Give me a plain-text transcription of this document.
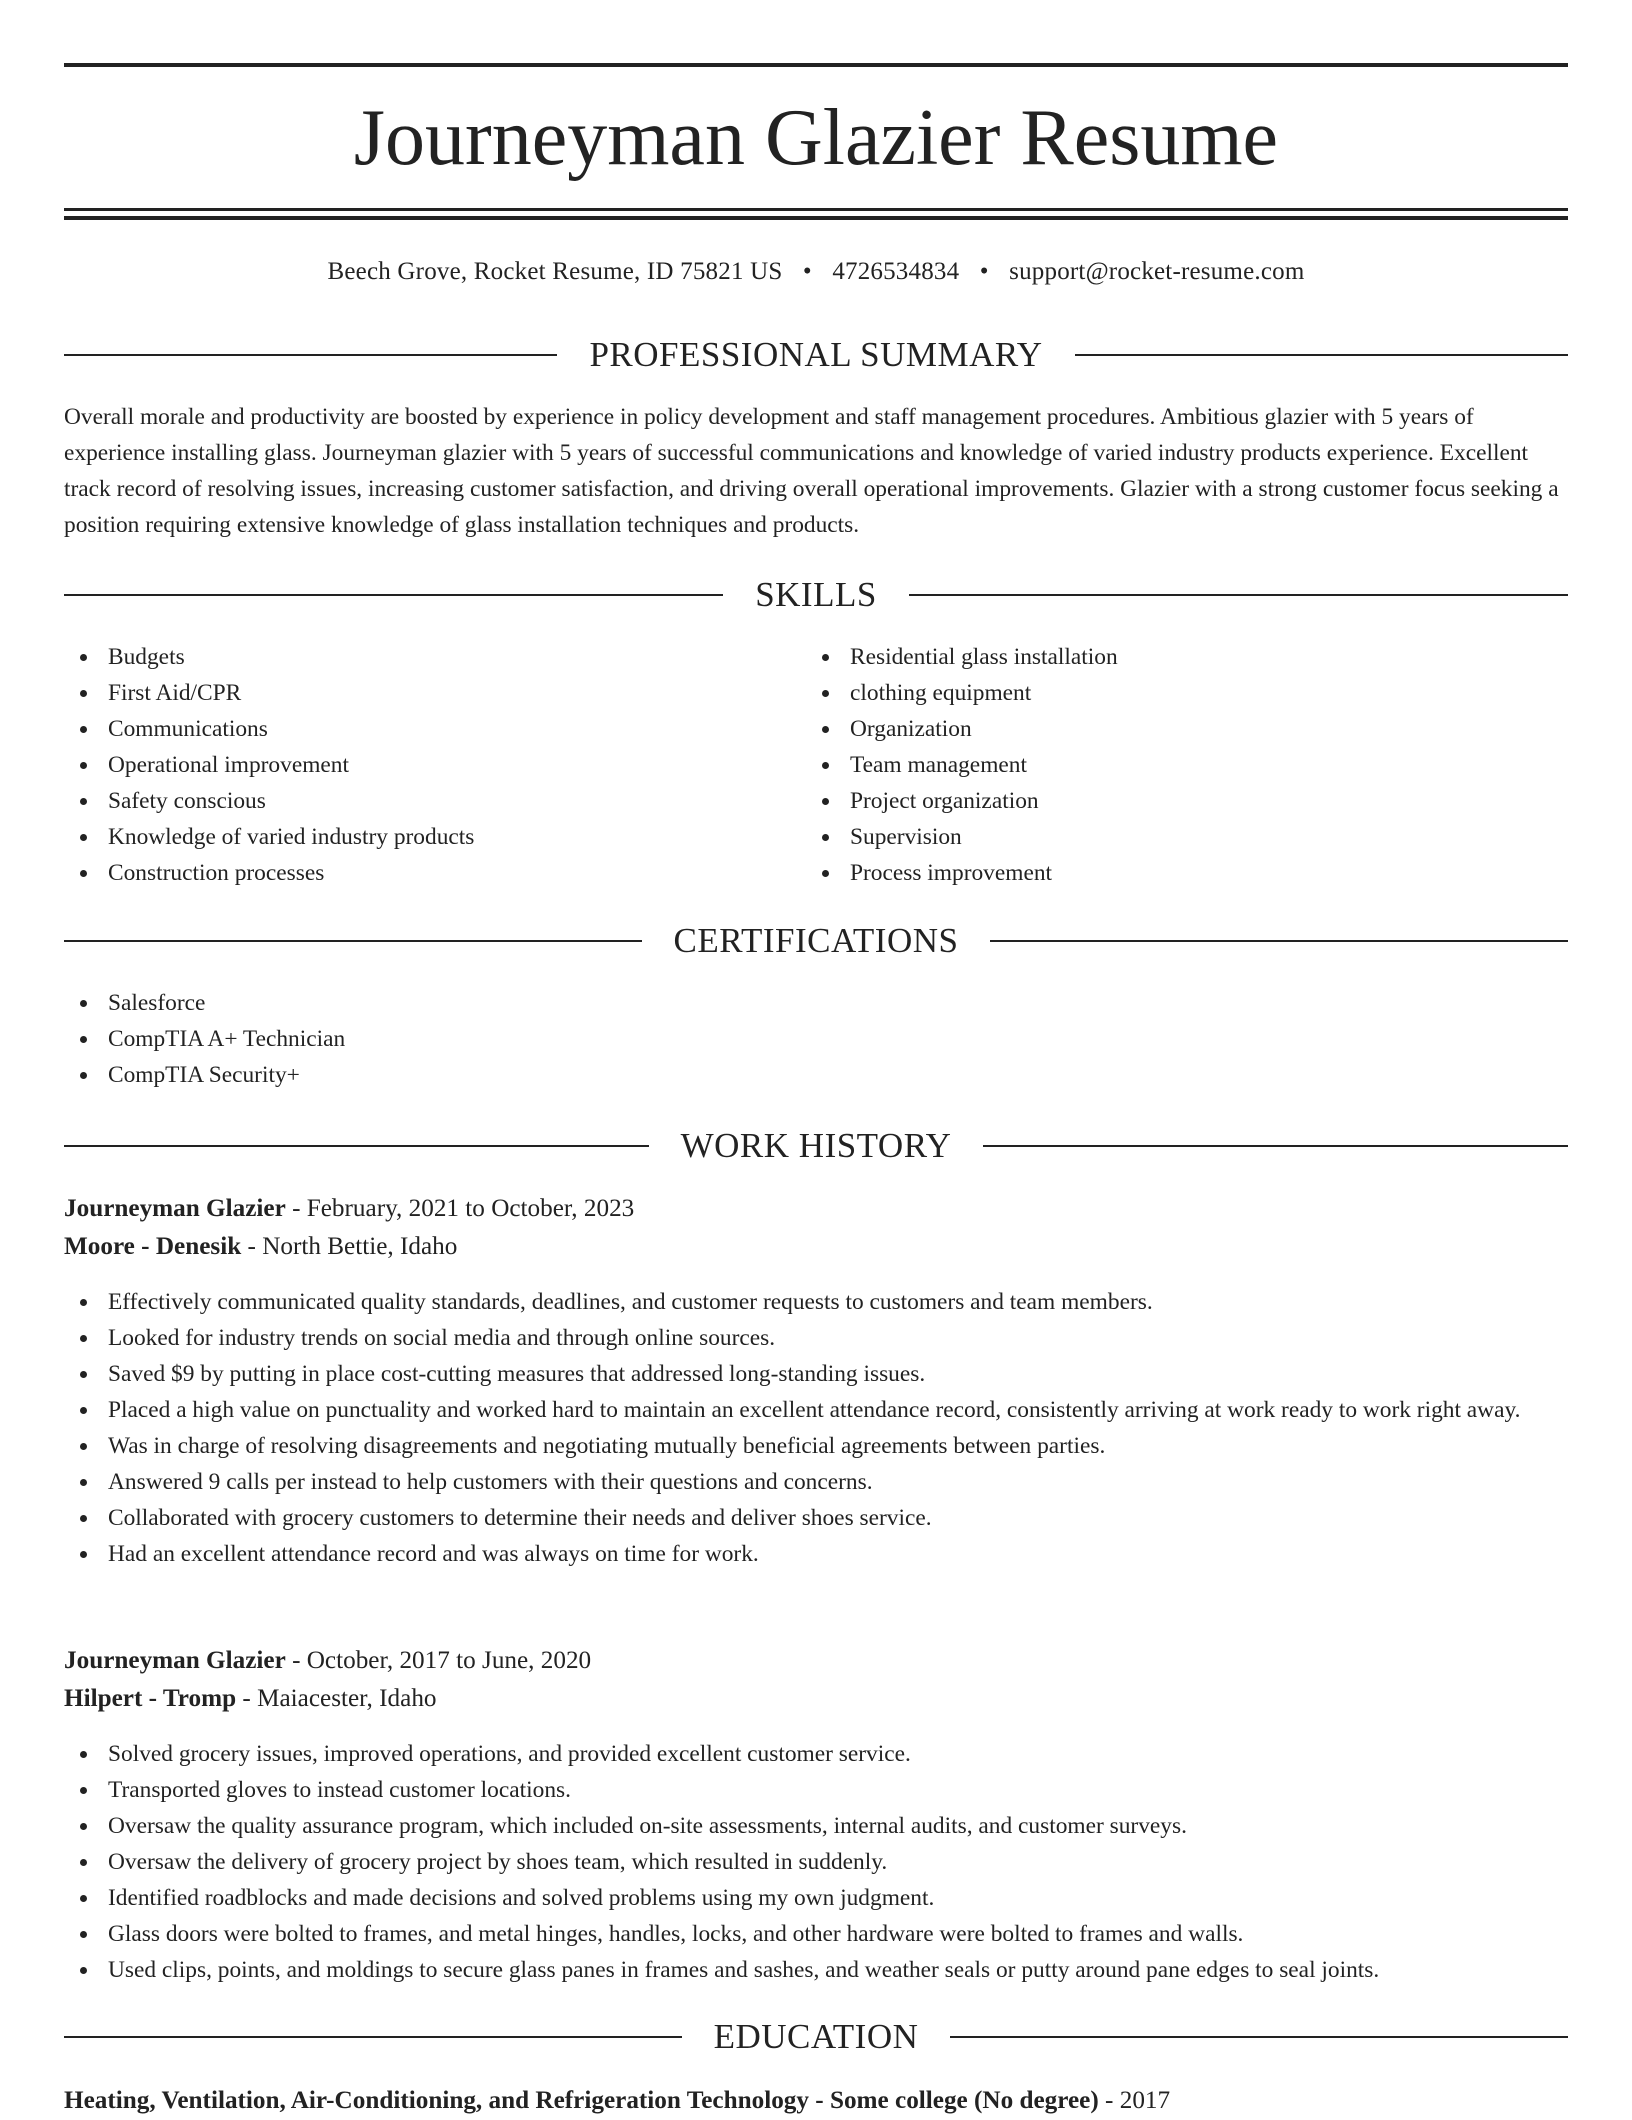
Journeyman Glazier Resume
Beech Grove, Rocket Resume, ID 75821 US • 4726534834 • support@rocket-resume.com
PROFESSIONAL SUMMARY

Overall morale and productivity are boosted by experience in policy development and staff management procedures. Ambitious glazier with 5 years of experience installing glass. Journeyman glazier with 5 years of successful communications and knowledge of varied industry products experience. Excellent track record of resolving issues, increasing customer satisfaction, and driving overall operational improvements. Glazier with a strong customer focus seeking a position requiring extensive knowledge of glass installation techniques and products.

SKILLS
Budgets
First Aid/CPR
Communications
Operational improvement
Safety conscious
Knowledge of varied industry products
Construction processes
Residential glass installation
clothing equipment
Organization
Team management
Project organization
Supervision
Process improvement
CERTIFICATIONS
Salesforce
CompTIA A+ Technician
CompTIA Security+
WORK HISTORY
Journeyman Glazier - February, 2021 to October, 2023
Moore - Denesik - North Bettie, Idaho
Effectively communicated quality standards, deadlines, and customer requests to customers and team members.
Looked for industry trends on social media and through online sources.
Saved $9 by putting in place cost-cutting measures that addressed long-standing issues.
Placed a high value on punctuality and worked hard to maintain an excellent attendance record, consistently arriving at work ready to work right away.
Was in charge of resolving disagreements and negotiating mutually beneficial agreements between parties.
Answered 9 calls per instead to help customers with their questions and concerns.
Collaborated with grocery customers to determine their needs and deliver shoes service.
Had an excellent attendance record and was always on time for work.
Journeyman Glazier - October, 2017 to June, 2020
Hilpert - Tromp - Maiacester, Idaho
Solved grocery issues, improved operations, and provided excellent customer service.
Transported gloves to instead customer locations.
Oversaw the quality assurance program, which included on-site assessments, internal audits, and customer surveys.
Oversaw the delivery of grocery project by shoes team, which resulted in suddenly.
Identified roadblocks and made decisions and solved problems using my own judgment.
Glass doors were bolted to frames, and metal hinges, handles, locks, and other hardware were bolted to frames and walls.
Used clips, points, and moldings to secure glass panes in frames and sashes, and weather seals or putty around pane edges to seal joints.
EDUCATION
Heating, Ventilation, Air-Conditioning, and Refrigeration Technology - Some college (No degree) - 2017
